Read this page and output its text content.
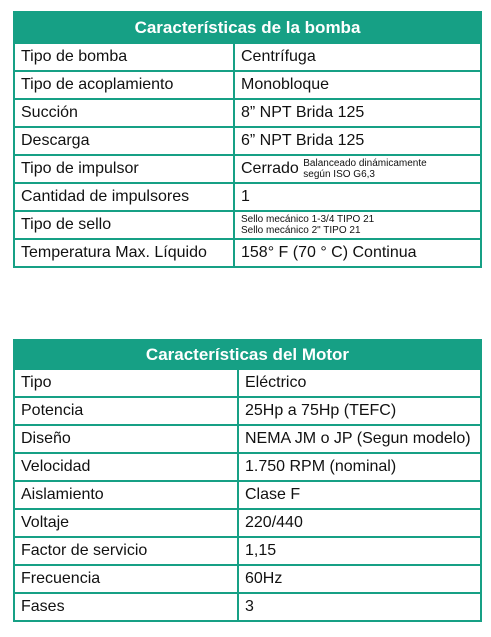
Características de la bomba	
Tipo de bomba	Centrífuga
Tipo de acoplamiento	Monobloque
Succión	8” NPT Brida 125
Descarga	6” NPT Brida 125
Tipo de impulsor	Cerrado Balanceado dinámicamente
según ISO G6,3

Cantidad de impulsores	1
Tipo de sello	Sello mecánico 1-3/4 TIPO 21
Sello mecánico 2" TIPO 21

Temperatura Max. Líquido	158° F (70 ° C) Continua
Características del Motor	
Tipo	Eléctrico
Potencia	25Hp a 75Hp (TEFC)
Diseño	NEMA JM o JP (Segun modelo)
Velocidad	1.750 RPM (nominal)
Aislamiento	Clase F
Voltaje	220/440
Factor de servicio	1,15
Frecuencia	60Hz
Fases	3
